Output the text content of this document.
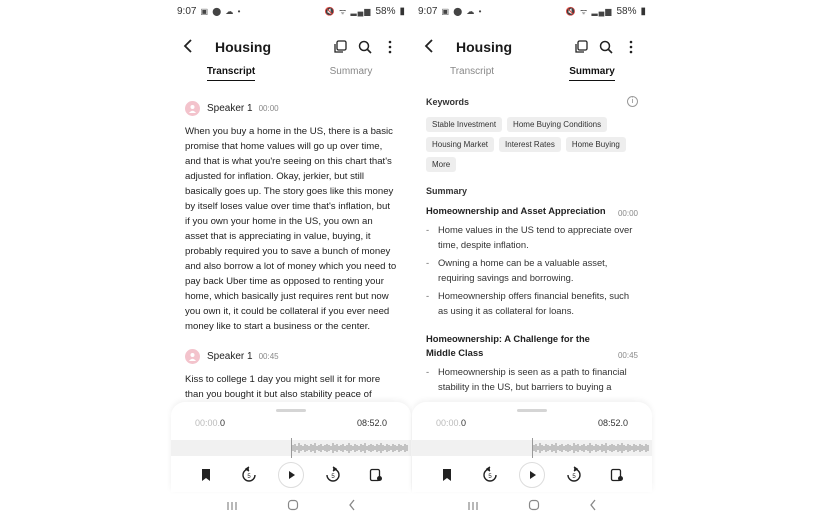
9:07 ▣ ⬤ ☁ •	🔇 ᯤ ▂▄▆ 58% ▮
Housing
Transcript	Summary
Speaker 1 00:00

When you buy a home in the US, there is a basic promise that home values will go up over time, and that is what you're seeing on this chart that's adjusted for inflation. Okay, jerkier, but still basically goes up. The story goes like this money by itself loses value over time that's inflation, but if you own your home in the US, you own an asset that is appreciating in value, buying, it probably required you to save a bunch of money and also borrow a lot of money which you need to pay back Uber time as opposed to renting your home, which basically just requires rent but now you own it, it could be collateral if you ever need money like to start a business or the center.

Speaker 1 00:45

Kiss to college 1 day you might sell it for more than you bought it but also stability peace of

00:00.0	08:52.0
5	5
9:07 ▣ ⬤ ☁ •	🔇 ᯤ ▂▄▆ 58% ▮
Housing
Transcript	Summary
Keywords	i
Stable Investment	Home Buying Conditions
Housing Market	Interest Rates	Home Buying
More
Summary
Homeownership and Asset Appreciation 00:00
- Home values in the US tend to appreciate over time, despite inflation.
- Owning a home can be a valuable asset, requiring savings and borrowing.
- Homeownership offers financial benefits, such as using it as collateral for loans.
Homeownership: A Challenge for the Middle Class	00:45
- Homeownership is seen as a path to financial stability in the US, but barriers to buying a
00:00.0	08:52.0
5	5
